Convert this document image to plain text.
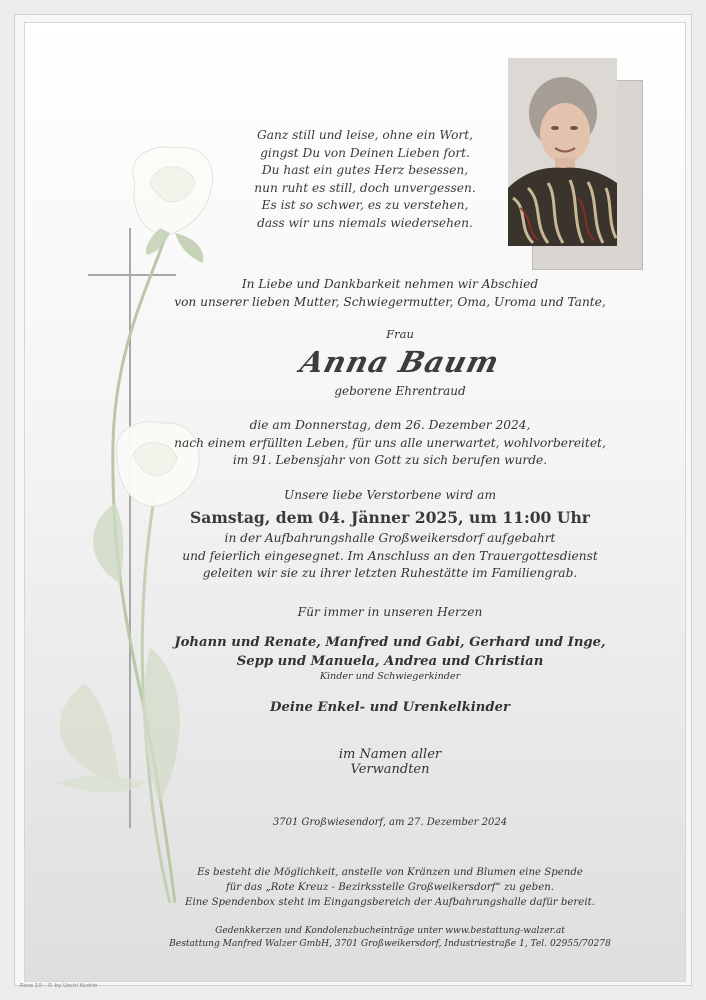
Ganz still und leise, ohne ein Wort,
gingst Du von Deinen Lieben fort.
Du hast ein gutes Herz besessen,
nun ruht es still, doch unvergessen.
Es ist so schwer, es zu verstehen,
dass wir uns niemals wiedersehen.
In Liebe und Dankbarkeit nehmen wir Abschied
von unserer lieben Mutter, Schwiegermutter, Oma, Uroma und Tante,
Frau
Anna Baum
geborene Ehrentraud
die am Donnerstag, dem 26. Dezember 2024,
nach einem erfüllten Leben, für uns alle unerwartet, wohlvorbereitet,
im 91. Lebensjahr von Gott zu sich berufen wurde.
Unsere liebe Verstorbene wird am
Samstag, dem 04. Jänner 2025, um 11:00 Uhr
in der Aufbahrungshalle Großweikersdorf aufgebahrt
und feierlich eingesegnet. Im Anschluss an den Trauergottesdienst
geleiten wir sie zu ihrer letzten Ruhestätte im Familiengrab.
Für immer in unseren Herzen
Johann und Renate, Manfred und Gabi, Gerhard und Inge,
Sepp und Manuela, Andrea und Christian
Kinder und Schwiegerkinder
Deine Enkel- und Urenkelkinder
im Namen aller Verwandten
3701 Großwiesendorf, am 27. Dezember 2024
Es besteht die Möglichkeit, anstelle von Kränzen und Blumen eine Spende
für das „Rote Kreuz - Bezirksstelle Großweikersdorf“ zu geben.
Eine Spendenbox steht im Eingangsbereich der Aufbahrungshalle dafür bereit.
Gedenkkerzen und Kondolenzbucheinträge unter www.bestattung-walzer.at
Bestattung Manfred Walzer GmbH, 3701 Großweikersdorf, Industriestraße 1, Tel. 02955/70278
Rose 10 - © by Uschi Kudrie
